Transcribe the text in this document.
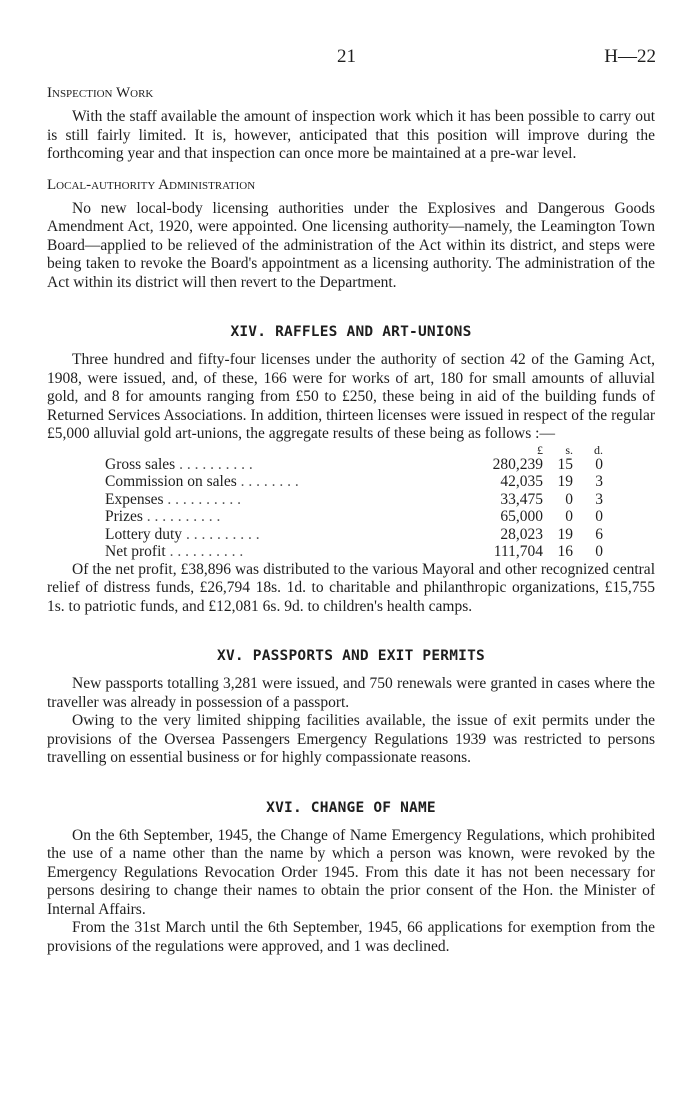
21	H—22
Inspection Work

With the staff available the amount of inspection work which it has been possible to carry out is still fairly limited. It is, however, anticipated that this position will improve during the forthcoming year and that inspection can once more be maintained at a pre-war level.

Local-authority Administration

No new local-body licensing authorities under the Explosives and Dangerous Goods Amendment Act, 1920, were appointed. One licensing authority—namely, the Leamington Town Board—applied to be relieved of the administration of the Act within its district, and steps were being taken to revoke the Board's appointment as a licensing authority. The administration of the Act within its district will then revert to the Department.

XIV. RAFFLES AND ART-UNIONS

Three hundred and fifty-four licenses under the authority of section 42 of the Gaming Act, 1908, were issued, and, of these, 166 were for works of art, 180 for small amounts of alluvial gold, and 8 for amounts ranging from £50 to £250, these being in aid of the building funds of Returned Services Associations. In addition, thirteen licenses were issued in respect of the regular £5,000 alluvial gold art-unions, the aggregate results of these being as follows :—

	£	s.	d.
Gross sales . . . . . . . . . .	280,239	15	0
Commission on sales . . . . . . . .	42,035	19	3
Expenses . . . . . . . . . .	33,475	0	3
Prizes . . . . . . . . . .	65,000	0	0
Lottery duty . . . . . . . . . .	28,023	19	6
Net profit . . . . . . . . . .	111,704	16	0

Of the net profit, £38,896 was distributed to the various Mayoral and other recognized central relief of distress funds, £26,794 18s. 1d. to charitable and philanthropic organizations, £15,755 1s. to patriotic funds, and £12,081 6s. 9d. to children's health camps.

XV. PASSPORTS AND EXIT PERMITS

New passports totalling 3,281 were issued, and 750 renewals were granted in cases where the traveller was already in possession of a passport.

Owing to the very limited shipping facilities available, the issue of exit permits under the provisions of the Oversea Passengers Emergency Regulations 1939 was restricted to persons travelling on essential business or for highly compassionate reasons.

XVI. CHANGE OF NAME

On the 6th September, 1945, the Change of Name Emergency Regulations, which prohibited the use of a name other than the name by which a person was known, were revoked by the Emergency Regulations Revocation Order 1945. From this date it has not been necessary for persons desiring to change their names to obtain the prior consent of the Hon. the Minister of Internal Affairs.

From the 31st March until the 6th September, 1945, 66 applications for exemption from the provisions of the regulations were approved, and 1 was declined.
